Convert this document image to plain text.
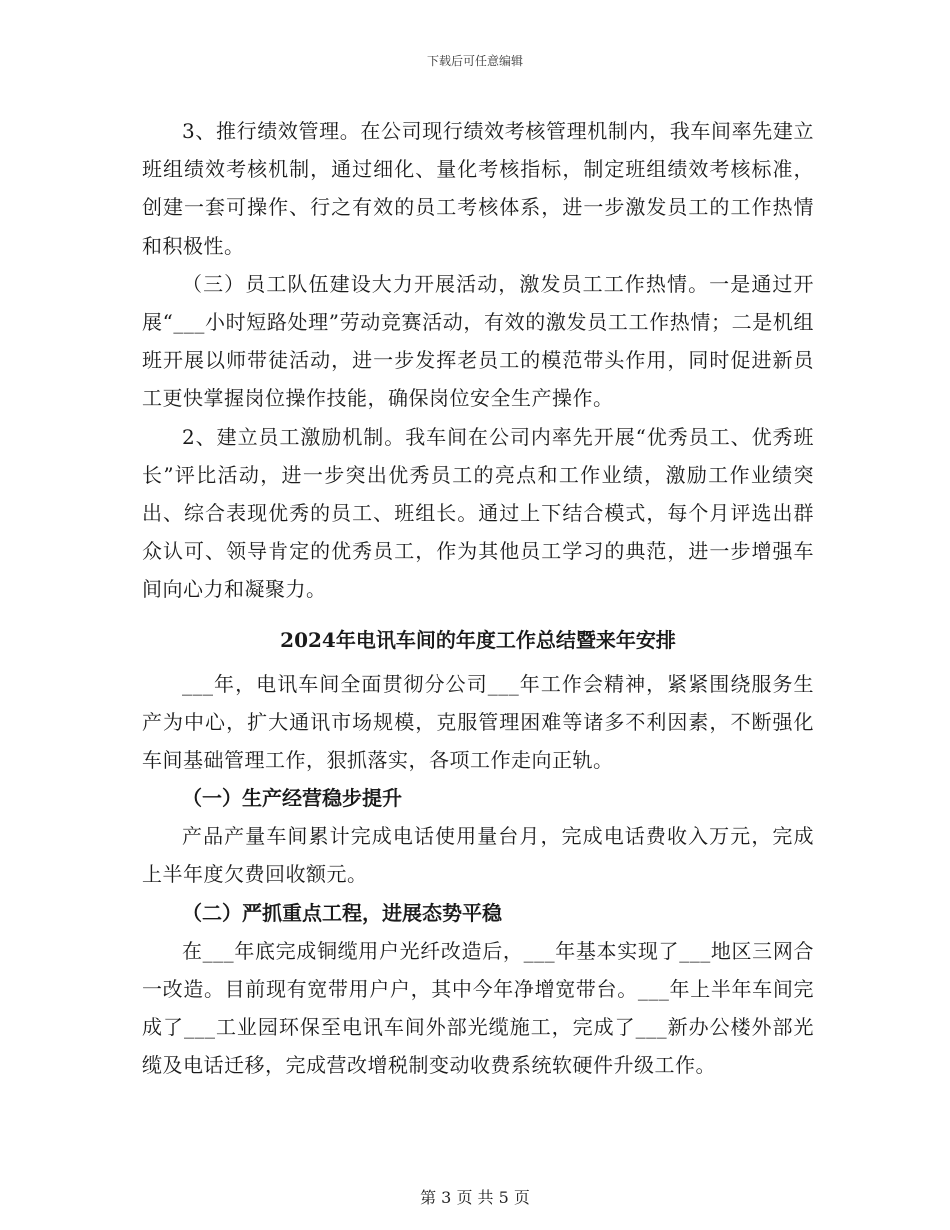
下载后可任意编辑

3、推行绩效管理。在公司现行绩效考核管理机制内，我车间率先建立班组绩效考核机制，通过细化、量化考核指标，制定班组绩效考核标准，创建一套可操作、行之有效的员工考核体系，进一步激发员工的工作热情和积极性。

（三）员工队伍建设大力开展活动，激发员工工作热情。一是通过开展“___小时短路处理”劳动竞赛活动，有效的激发员工工作热情；二是机组班开展以师带徒活动，进一步发挥老员工的模范带头作用，同时促进新员工更快掌握岗位操作技能，确保岗位安全生产操作。

2、建立员工激励机制。我车间在公司内率先开展“优秀员工、优秀班长”评比活动，进一步突出优秀员工的亮点和工作业绩，激励工作业绩突出、综合表现优秀的员工、班组长。通过上下结合模式，每个月评选出群众认可、领导肯定的优秀员工，作为其他员工学习的典范，进一步增强车间向心力和凝聚力。

2024年电讯车间的年度工作总结暨来年安排

___年，电讯车间全面贯彻分公司___年工作会精神，紧紧围绕服务生产为中心，扩大通讯市场规模，克服管理困难等诸多不利因素，不断强化车间基础管理工作，狠抓落实，各项工作走向正轨。

（一）生产经营稳步提升

产品产量车间累计完成电话使用量台月，完成电话费收入万元，完成上半年度欠费回收额元。

（二）严抓重点工程，进展态势平稳

在___年底完成铜缆用户光纤改造后，___年基本实现了___地区三网合一改造。目前现有宽带用户户，其中今年净增宽带台。___年上半年车间完成了___工业园环保至电讯车间外部光缆施工，完成了___新办公楼外部光缆及电话迁移，完成营改增税制变动收费系统软硬件升级工作。

第 3 页 共 5 页
